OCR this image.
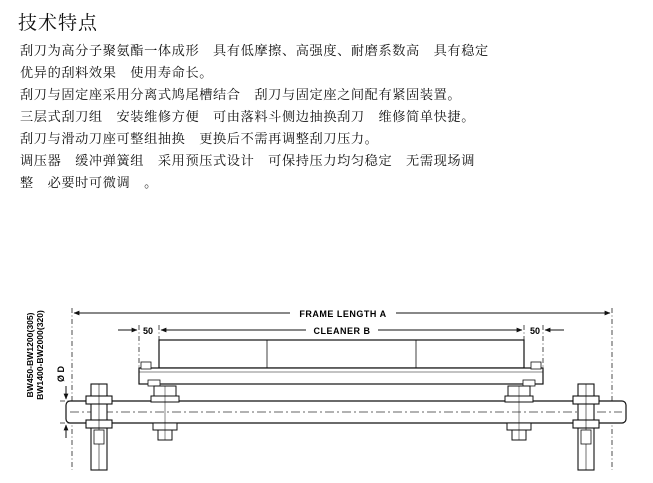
技术特点

刮刀为高分子聚氨酯一体成形　具有低摩擦、高强度、耐磨系数高　具有稳定
优异的刮料效果　使用寿命长。

刮刀与固定座采用分离式鸠尾槽结合　刮刀与固定座之间配有紧固装置。

三层式刮刀组　安装维修方便　可由落料斗侧边抽换刮刀　维修简单快捷。

刮刀与滑动刀座可整组抽换　更换后不需再调整刮刀压力。

调压器　缓冲弹簧组　采用预压式设计　可保持压力均匀稳定　无需现场调
整　必要时可微调　。

FRAME LENGTH A
CLEANER B
50	50
Ø D
BW450-BW1200(305) BW1400-BW2000(320)
